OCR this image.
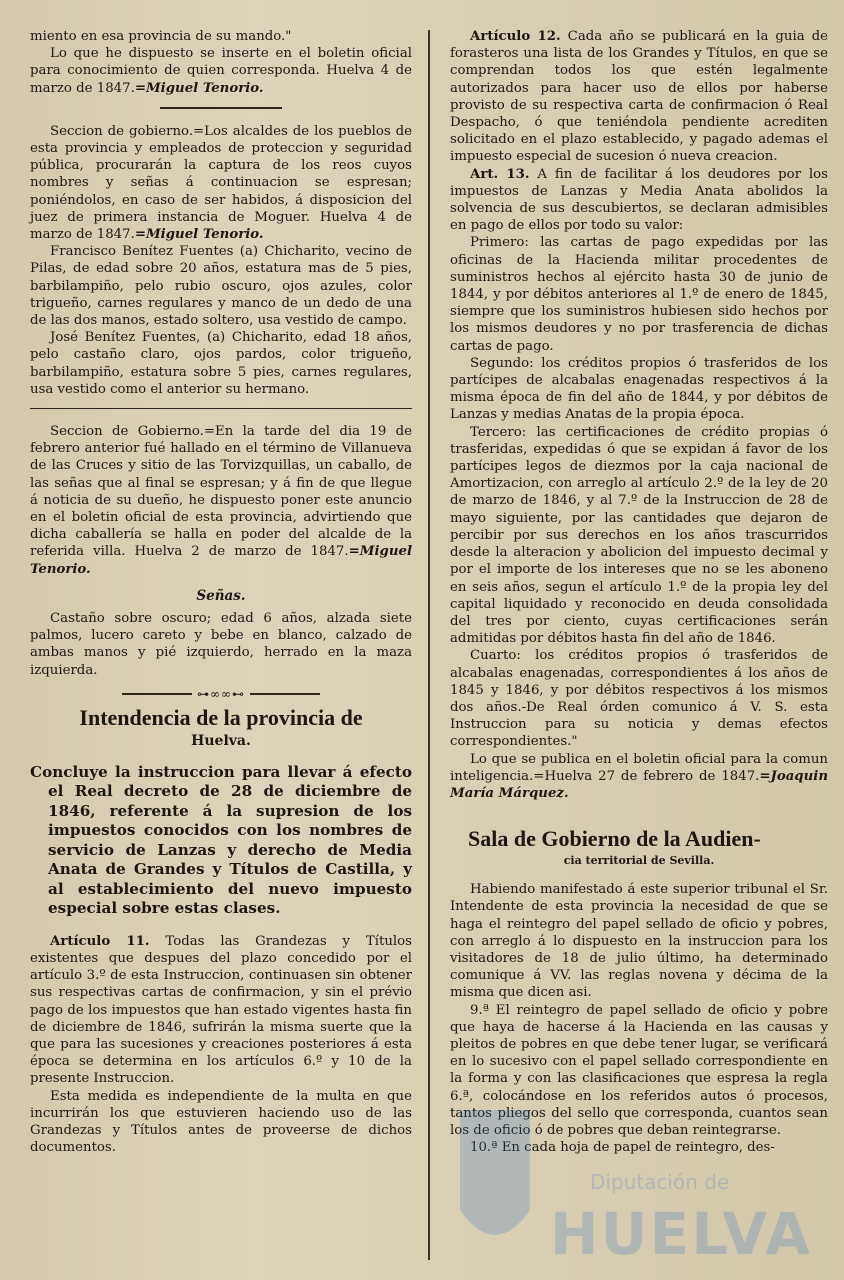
miento en esa provincia de su mando."

Lo que he dispuesto se inserte en el boletin oficial para conocimiento de quien corresponda. Huelva 4 de marzo de 1847.=Miguel Tenorio.

Seccion de gobierno.=Los alcaldes de los pueblos de esta provincia y empleados de proteccion y seguridad pública, procurarán la captura de los reos cuyos nombres y señas á continuacion se espresan; poniéndolos, en caso de ser habidos, á disposicion del juez de primera instancia de Moguer. Huelva 4 de marzo de 1847.=Miguel Tenorio.

Francisco Benítez Fuentes (a) Chicharito, vecino de Pilas, de edad sobre 20 años, estatura mas de 5 pies, barbilampiño, pelo rubio oscuro, ojos azules, color trigueño, carnes regulares y manco de un dedo de una de las dos manos, estado soltero, usa vestido de campo.

José Benítez Fuentes, (a) Chicharito, edad 18 años, pelo castaño claro, ojos pardos, color trigueño, barbilampiño, estatura sobre 5 pies, carnes regulares, usa vestido como el anterior su hermano.

Seccion de Gobierno.=En la tarde del dia 19 de febrero anterior fué hallado en el término de Villanueva de las Cruces y sitio de las Torvizquillas, un caballo, de las señas que al final se espresan; y á fin de que llegue á noticia de su dueño, he dispuesto poner este anuncio en el boletin oficial de esta provincia, advirtiendo que dicha caballería se halla en poder del alcalde de la referida villa. Huelva 2 de marzo de 1847.=Miguel Tenorio.

Señas.

Castaño sobre oscuro; edad 6 años, alzada siete palmos, lucero careto y bebe en blanco, calzado de ambas manos y pié izquierdo, herrado en la maza izquierda.

⊶∞∞⊷
Intendencia de la provincia de
Huelva.
Concluye la instruccion para llevar á efecto el Real decreto de 28 de diciembre de 1846, referente á la supresion de los impuestos conocidos con los nombres de servicio de Lanzas y derecho de Media Anata de Grandes y Títulos de Castilla, y al establecimiento del nuevo impuesto especial sobre estas clases.

Artículo 11. Todas las Grandezas y Títulos existentes que despues del plazo concedido por el artículo 3.º de esta Instruccion, continuasen sin obtener sus respectivas cartas de confirmacion, y sin el prévio pago de los impuestos que han estado vigentes hasta fin de diciembre de 1846, sufrirán la misma suerte que la que para las sucesiones y creaciones posteriores á esta época se determina en los artículos 6.º y 10 de la presente Instruccion.

Esta medida es independiente de la multa en que incurrirán los que estuvieren haciendo uso de las Grandezas y Títulos antes de proveerse de dichos documentos.

Artículo 12. Cada año se publicará en la guia de forasteros una lista de los Grandes y Títulos, en que se comprendan todos los que estén legalmente autorizados para hacer uso de ellos por haberse provisto de su respectiva carta de confirmacion ó Real Despacho, ó que teniéndola pendiente acrediten solicitado en el plazo establecido, y pagado ademas el impuesto especial de sucesion ó nueva creacion.

Art. 13. A fin de facilitar á los deudores por los impuestos de Lanzas y Media Anata abolidos la solvencia de sus descubiertos, se declaran admisibles en pago de ellos por todo su valor:

Primero: las cartas de pago expedidas por las oficinas de la Hacienda militar procedentes de suministros hechos al ejército hasta 30 de junio de 1844, y por débitos anteriores al 1.º de enero de 1845, siempre que los suministros hubiesen sido hechos por los mismos deudores y no por trasferencia de dichas cartas de pago.

Segundo: los créditos propios ó trasferidos de los partícipes de alcabalas enagenadas respectivos á la misma época de fin del año de 1844, y por débitos de Lanzas y medias Anatas de la propia época.

Tercero: las certificaciones de crédito propias ó trasferidas, expedidas ó que se expidan á favor de los partícipes legos de diezmos por la caja nacional de Amortizacion, con arreglo al artículo 2.º de la ley de 20 de marzo de 1846, y al 7.º de la Instruccion de 28 de mayo siguiente, por las cantidades que dejaron de percibir por sus derechos en los años trascurridos desde la alteracion y abolicion del impuesto decimal y por el importe de los intereses que no se les aboneno en seis años, segun el artículo 1.º de la propia ley del capital liquidado y reconocido en deuda consolidada del tres por ciento, cuyas certificaciones serán admitidas por débitos hasta fin del año de 1846.

Cuarto: los créditos propios ó trasferidos de alcabalas enagenadas, correspondientes á los años de 1845 y 1846, y por débitos respectivos á los mismos dos años.-De Real órden comunico á V. S. esta Instruccion para su noticia y demas efectos correspondientes."

Lo que se publica en el boletin oficial para la comun inteligencia.=Huelva 27 de febrero de 1847.=Joaquin María Márquez.

Sala de Gobierno de la Audien-
cia territorial de Sevilla.

Habiendo manifestado á este superior tribunal el Sr. Intendente de esta provincia la necesidad de que se haga el reintegro del papel sellado de oficio y pobres, con arreglo á lo dispuesto en la instruccion para los visitadores de 18 de julio último, ha determinado comunique á VV. las reglas novena y décima de la misma que dicen asi.

9.ª El reintegro de papel sellado de oficio y pobre que haya de hacerse á la Hacienda en las causas y pleitos de pobres en que debe tener lugar, se verificará en lo sucesivo con el papel sellado correspondiente en la forma y con las clasificaciones que espresa la regla 6.ª, colocándose en los referidos autos ó procesos, tantos pliegos del sello que corresponda, cuantos sean los de oficio ó de pobres que deban reintegrarse.

10.ª En cada hoja de papel de reintegro, des-

Diputación de
HUELVA
